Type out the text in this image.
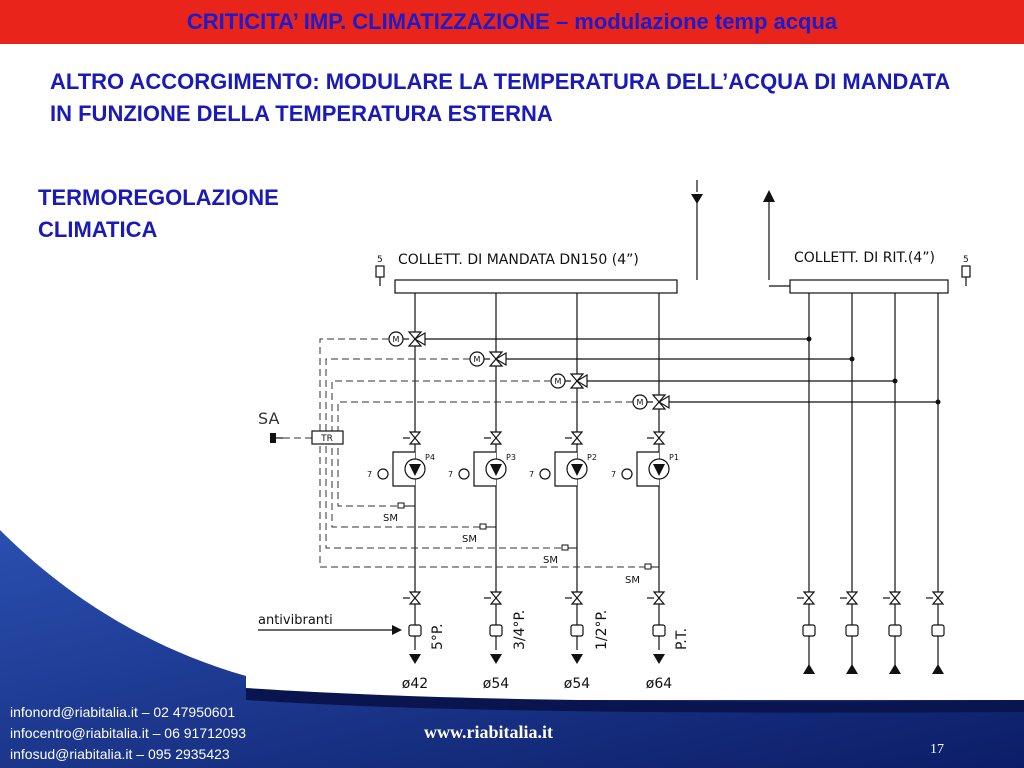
CRITICITA’ IMP. CLIMATIZZAZIONE – modulazione temp acqua
M
M
M
M
SM
SM
SM
SM
TR
SA
P4	P3	P2	P1
7	7	7	7
antivibranti
COLLETT. DI MANDATA DN150 (4”)	COLLETT. DI RIT.(4”)
5	5
5°P.	3/4°P.	1/2°P.	P.T.
ø42	ø54	ø54	ø64
ALTRO ACCORGIMENTO: MODULARE LA TEMPERATURA DELL’ACQUA DI MANDATA IN FUNZIONE DELLA TEMPERATURA ESTERNA
TERMOREGOLAZIONE CLIMATICA
infonord@riabitalia.it – 02 47950601
infocentro@riabitalia.it – 06 91712093
infosud@riabitalia.it – 095 2935423
www.riabitalia.it
17
